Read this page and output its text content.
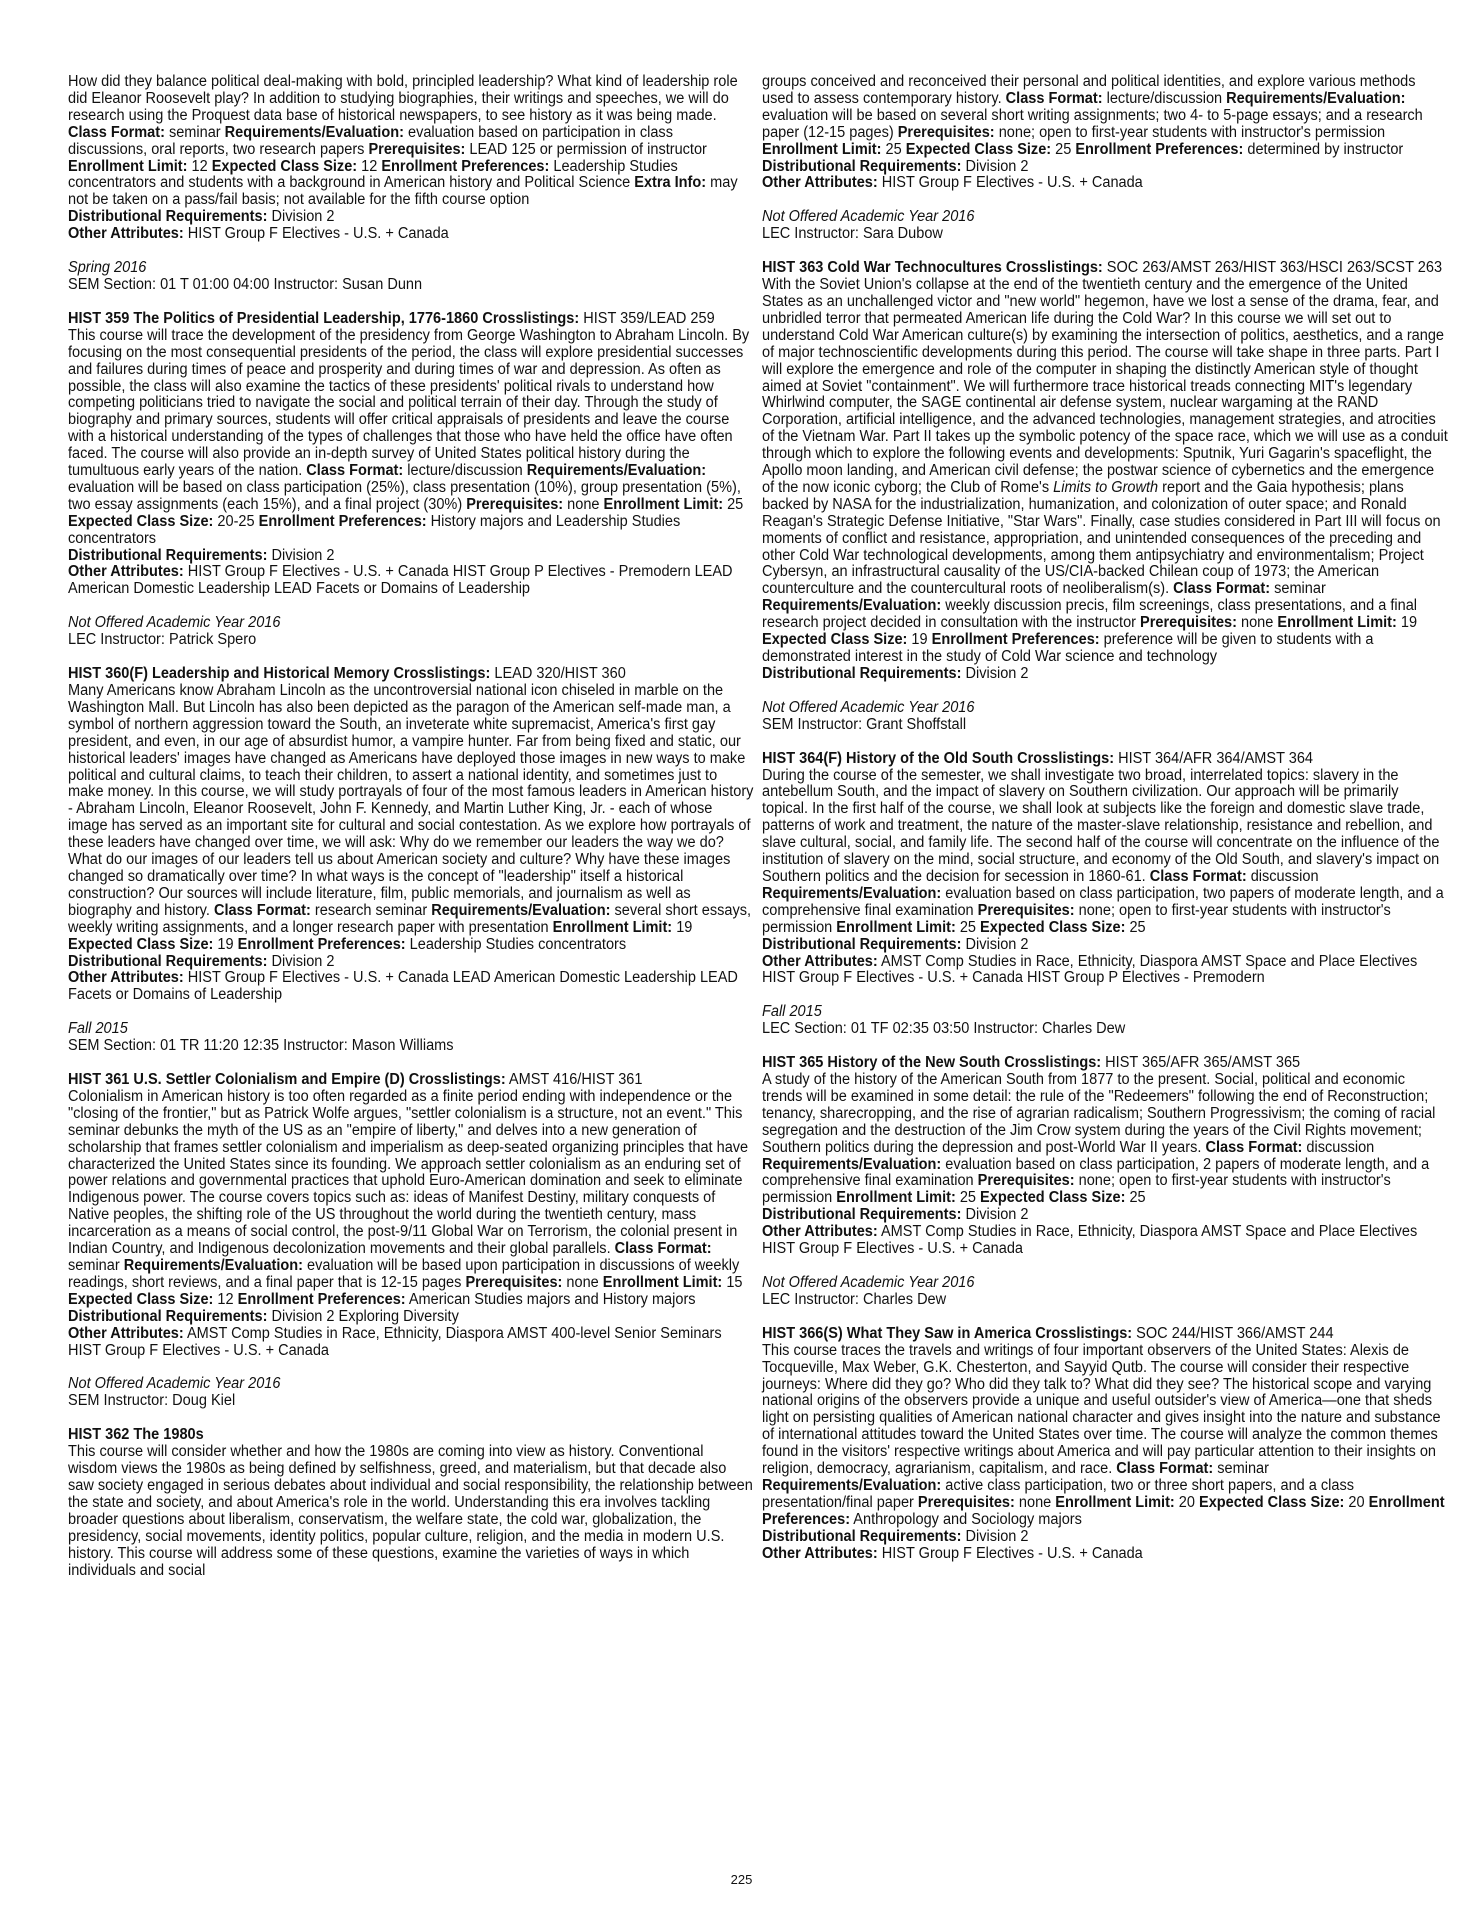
How did they balance political deal-making with bold, principled leadership? What kind of leadership role did Eleanor Roosevelt play? In addition to studying biographies, their writings and speeches, we will do research using the Proquest data base of historical newspapers, to see history as it was being made. Class Format: seminar Requirements/Evaluation: evaluation based on participation in class discussions, oral reports, two research papers Prerequisites: LEAD 125 or permission of instructor Enrollment Limit: 12 Expected Class Size: 12 Enrollment Preferences: Leadership Studies concentrators and students with a background in American history and Political Science Extra Info: may not be taken on a pass/fail basis; not available for the fifth course option

Distributional Requirements: Division 2

Other Attributes: HIST Group F Electives - U.S. + Canada

Spring 2016

SEM Section: 01 T 01:00 04:00 Instructor: Susan Dunn

HIST 359 The Politics of Presidential Leadership, 1776-1860 Crosslistings: HIST 359/LEAD 259

This course will trace the development of the presidency from George Washington to Abraham Lincoln. By focusing on the most consequential presidents of the period, the class will explore presidential successes and failures during times of peace and prosperity and during times of war and depression. As often as possible, the class will also examine the tactics of these presidents' political rivals to understand how competing politicians tried to navigate the social and political terrain of their day. Through the study of biography and primary sources, students will offer critical appraisals of presidents and leave the course with a historical understanding of the types of challenges that those who have held the office have often faced. The course will also provide an in-depth survey of United States political history during the tumultuous early years of the nation. Class Format: lecture/discussion Requirements/Evaluation: evaluation will be based on class participation (25%), class presentation (10%), group presentation (5%), two essay assignments (each 15%), and a final project (30%) Prerequisites: none Enrollment Limit: 25 Expected Class Size: 20-25 Enrollment Preferences: History majors and Leadership Studies concentrators

Distributional Requirements: Division 2

Other Attributes: HIST Group F Electives - U.S. + Canada HIST Group P Electives - Premodern LEAD American Domestic Leadership LEAD Facets or Domains of Leadership

Not Offered Academic Year 2016

LEC Instructor: Patrick Spero

HIST 360(F) Leadership and Historical Memory Crosslistings: LEAD 320/HIST 360

Many Americans know Abraham Lincoln as the uncontroversial national icon chiseled in marble on the Washington Mall. But Lincoln has also been depicted as the paragon of the American self-made man, a symbol of northern aggression toward the South, an inveterate white supremacist, America's first gay president, and even, in our age of absurdist humor, a vampire hunter. Far from being fixed and static, our historical leaders' images have changed as Americans have deployed those images in new ways to make political and cultural claims, to teach their children, to assert a national identity, and sometimes just to make money. In this course, we will study portrayals of four of the most famous leaders in American history - Abraham Lincoln, Eleanor Roosevelt, John F. Kennedy, and Martin Luther King, Jr. - each of whose image has served as an important site for cultural and social contestation. As we explore how portrayals of these leaders have changed over time, we will ask: Why do we remember our leaders the way we do? What do our images of our leaders tell us about American society and culture? Why have these images changed so dramatically over time? In what ways is the concept of "leadership" itself a historical construction? Our sources will include literature, film, public memorials, and journalism as well as biography and history. Class Format: research seminar Requirements/Evaluation: several short essays, weekly writing assignments, and a longer research paper with presentation Enrollment Limit: 19 Expected Class Size: 19 Enrollment Preferences: Leadership Studies concentrators

Distributional Requirements: Division 2

Other Attributes: HIST Group F Electives - U.S. + Canada LEAD American Domestic Leadership LEAD Facets or Domains of Leadership

Fall 2015

SEM Section: 01 TR 11:20 12:35 Instructor: Mason Williams

HIST 361 U.S. Settler Colonialism and Empire (D) Crosslistings: AMST 416/HIST 361

Colonialism in American history is too often regarded as a finite period ending with independence or the "closing of the frontier," but as Patrick Wolfe argues, "settler colonialism is a structure, not an event." This seminar debunks the myth of the US as an "empire of liberty," and delves into a new generation of scholarship that frames settler colonialism and imperialism as deep-seated organizing principles that have characterized the United States since its founding. We approach settler colonialism as an enduring set of power relations and governmental practices that uphold Euro-American domination and seek to eliminate Indigenous power. The course covers topics such as: ideas of Manifest Destiny, military conquests of Native peoples, the shifting role of the US throughout the world during the twentieth century, mass incarceration as a means of social control, the post-9/11 Global War on Terrorism, the colonial present in Indian Country, and Indigenous decolonization movements and their global parallels. Class Format: seminar Requirements/Evaluation: evaluation will be based upon participation in discussions of weekly readings, short reviews, and a final paper that is 12-15 pages Prerequisites: none Enrollment Limit: 15 Expected Class Size: 12 Enrollment Preferences: American Studies majors and History majors

Distributional Requirements: Division 2 Exploring Diversity

Other Attributes: AMST Comp Studies in Race, Ethnicity, Diaspora AMST 400-level Senior Seminars HIST Group F Electives - U.S. + Canada

Not Offered Academic Year 2016

SEM Instructor: Doug Kiel

HIST 362 The 1980s

This course will consider whether and how the 1980s are coming into view as history. Conventional wisdom views the 1980s as being defined by selfishness, greed, and materialism, but that decade also saw society engaged in serious debates about individual and social responsibility, the relationship between the state and society, and about America's role in the world. Understanding this era involves tackling broader questions about liberalism, conservatism, the welfare state, the cold war, globalization, the presidency, social movements, identity politics, popular culture, religion, and the media in modern U.S. history. This course will address some of these questions, examine the varieties of ways in which individuals and social

groups conceived and reconceived their personal and political identities, and explore various methods used to assess contemporary history. Class Format: lecture/discussion Requirements/Evaluation: evaluation will be based on several short writing assignments; two 4- to 5-page essays; and a research paper (12-15 pages) Prerequisites: none; open to first-year students with instructor's permission Enrollment Limit: 25 Expected Class Size: 25 Enrollment Preferences: determined by instructor

Distributional Requirements: Division 2

Other Attributes: HIST Group F Electives - U.S. + Canada

Not Offered Academic Year 2016

LEC Instructor: Sara Dubow

HIST 363 Cold War Technocultures Crosslistings: SOC 263/AMST 263/HIST 363/HSCI 263/SCST 263

With the Soviet Union's collapse at the end of the twentieth century and the emergence of the United States as an unchallenged victor and "new world" hegemon, have we lost a sense of the drama, fear, and unbridled terror that permeated American life during the Cold War? In this course we will set out to understand Cold War American culture(s) by examining the intersection of politics, aesthetics, and a range of major technoscientific developments during this period. The course will take shape in three parts. Part I will explore the emergence and role of the computer in shaping the distinctly American style of thought aimed at Soviet "containment". We will furthermore trace historical treads connecting MIT's legendary Whirlwind computer, the SAGE continental air defense system, nuclear wargaming at the RAND Corporation, artificial intelligence, and the advanced technologies, management strategies, and atrocities of the Vietnam War. Part II takes up the symbolic potency of the space race, which we will use as a conduit through which to explore the following events and developments: Sputnik, Yuri Gagarin's spaceflight, the Apollo moon landing, and American civil defense; the postwar science of cybernetics and the emergence of the now iconic cyborg; the Club of Rome's Limits to Growth report and the Gaia hypothesis; plans backed by NASA for the industrialization, humanization, and colonization of outer space; and Ronald Reagan's Strategic Defense Initiative, "Star Wars". Finally, case studies considered in Part III will focus on moments of conflict and resistance, appropriation, and unintended consequences of the preceding and other Cold War technological developments, among them antipsychiatry and environmentalism; Project Cybersyn, an infrastructural causality of the US/CIA-backed Chilean coup of 1973; the American counterculture and the countercultural roots of neoliberalism(s). Class Format: seminar Requirements/Evaluation: weekly discussion precis, film screenings, class presentations, and a final research project decided in consultation with the instructor Prerequisites: none Enrollment Limit: 19 Expected Class Size: 19 Enrollment Preferences: preference will be given to students with a demonstrated interest in the study of Cold War science and technology

Distributional Requirements: Division 2

Not Offered Academic Year 2016

SEM Instructor: Grant Shoffstall

HIST 364(F) History of the Old South Crosslistings: HIST 364/AFR 364/AMST 364

During the course of the semester, we shall investigate two broad, interrelated topics: slavery in the antebellum South, and the impact of slavery on Southern civilization. Our approach will be primarily topical. In the first half of the course, we shall look at subjects like the foreign and domestic slave trade, patterns of work and treatment, the nature of the master-slave relationship, resistance and rebellion, and slave cultural, social, and family life. The second half of the course will concentrate on the influence of the institution of slavery on the mind, social structure, and economy of the Old South, and slavery's impact on Southern politics and the decision for secession in 1860-61. Class Format: discussion Requirements/Evaluation: evaluation based on class participation, two papers of moderate length, and a comprehensive final examination Prerequisites: none; open to first-year students with instructor's permission Enrollment Limit: 25 Expected Class Size: 25

Distributional Requirements: Division 2

Other Attributes: AMST Comp Studies in Race, Ethnicity, Diaspora AMST Space and Place Electives HIST Group F Electives - U.S. + Canada HIST Group P Electives - Premodern

Fall 2015

LEC Section: 01 TF 02:35 03:50 Instructor: Charles Dew

HIST 365 History of the New South Crosslistings: HIST 365/AFR 365/AMST 365

A study of the history of the American South from 1877 to the present. Social, political and economic trends will be examined in some detail: the rule of the "Redeemers" following the end of Reconstruction; tenancy, sharecropping, and the rise of agrarian radicalism; Southern Progressivism; the coming of racial segregation and the destruction of the Jim Crow system during the years of the Civil Rights movement; Southern politics during the depression and post-World War II years. Class Format: discussion Requirements/Evaluation: evaluation based on class participation, 2 papers of moderate length, and a comprehensive final examination Prerequisites: none; open to first-year students with instructor's permission Enrollment Limit: 25 Expected Class Size: 25

Distributional Requirements: Division 2

Other Attributes: AMST Comp Studies in Race, Ethnicity, Diaspora AMST Space and Place Electives HIST Group F Electives - U.S. + Canada

Not Offered Academic Year 2016

LEC Instructor: Charles Dew

HIST 366(S) What They Saw in America Crosslistings: SOC 244/HIST 366/AMST 244

This course traces the travels and writings of four important observers of the United States: Alexis de Tocqueville, Max Weber, G.K. Chesterton, and Sayyid Qutb. The course will consider their respective journeys: Where did they go? Who did they talk to? What did they see? The historical scope and varying national origins of the observers provide a unique and useful outsider's view of America—one that sheds light on persisting qualities of American national character and gives insight into the nature and substance of international attitudes toward the United States over time. The course will analyze the common themes found in the visitors' respective writings about America and will pay particular attention to their insights on religion, democracy, agrarianism, capitalism, and race. Class Format: seminar Requirements/Evaluation: active class participation, two or three short papers, and a class presentation/final paper Prerequisites: none Enrollment Limit: 20 Expected Class Size: 20 Enrollment Preferences: Anthropology and Sociology majors

Distributional Requirements: Division 2

Other Attributes: HIST Group F Electives - U.S. + Canada

225
